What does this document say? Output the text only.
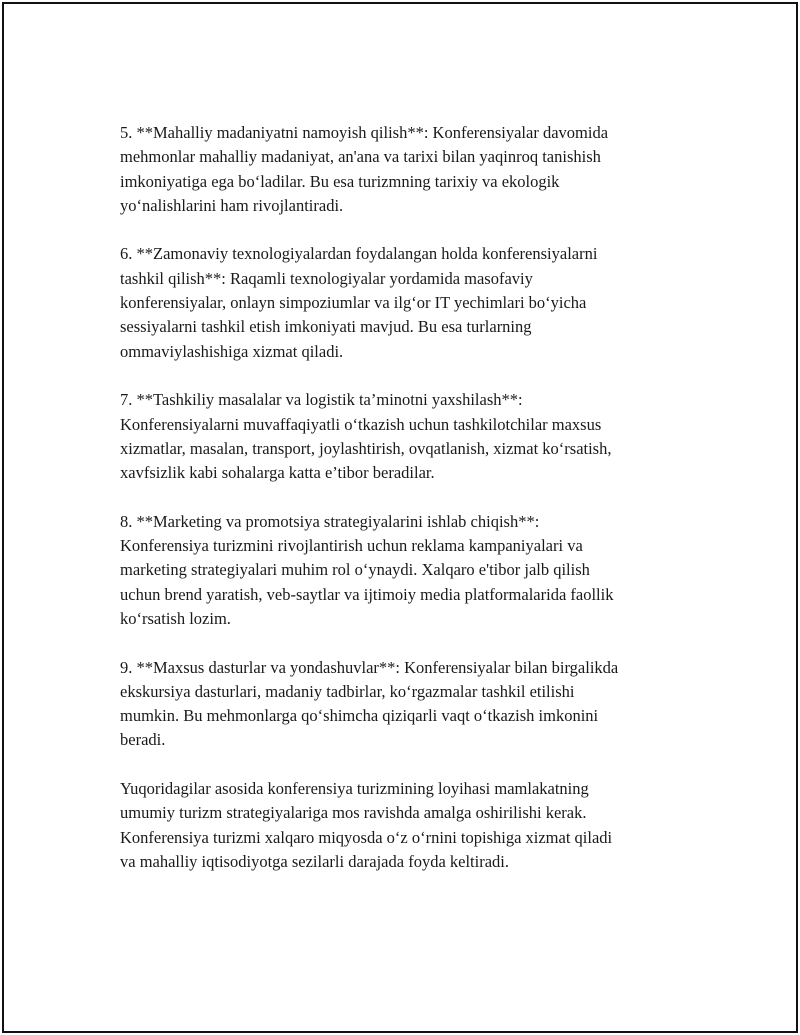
5. **Mahalliy madaniyatni namoyish qilish**: Konferensiyalar davomida
mehmonlar mahalliy madaniyat, an'ana va tarixi bilan yaqinroq tanishish
imkoniyatiga ega bo‘ladilar. Bu esa turizmning tarixiy va ekologik
yo‘nalishlarini ham rivojlantiradi.

6. **Zamonaviy texnologiyalardan foydalangan holda konferensiyalarni
tashkil qilish**: Raqamli texnologiyalar yordamida masofaviy
konferensiyalar, onlayn simpoziumlar va ilg‘or IT yechimlari bo‘yicha
sessiyalarni tashkil etish imkoniyati mavjud. Bu esa turlarning
ommaviylashishiga xizmat qiladi.

7. **Tashkiliy masalalar va logistik ta’minotni yaxshilash**:
Konferensiyalarni muvaffaqiyatli o‘tkazish uchun tashkilotchilar maxsus
xizmatlar, masalan, transport, joylashtirish, ovqatlanish, xizmat ko‘rsatish,
xavfsizlik kabi sohalarga katta e’tibor beradilar.

8. **Marketing va promotsiya strategiyalarini ishlab chiqish**:
Konferensiya turizmini rivojlantirish uchun reklama kampaniyalari va
marketing strategiyalari muhim rol o‘ynaydi. Xalqaro e'tibor jalb qilish
uchun brend yaratish, veb-saytlar va ijtimoiy media platformalarida faollik
ko‘rsatish lozim.

9. **Maxsus dasturlar va yondashuvlar**: Konferensiyalar bilan birgalikda
ekskursiya dasturlari, madaniy tadbirlar, ko‘rgazmalar tashkil etilishi
mumkin. Bu mehmonlarga qo‘shimcha qiziqarli vaqt o‘tkazish imkonini
beradi.

Yuqoridagilar asosida konferensiya turizmining loyihasi mamlakatning
umumiy turizm strategiyalariga mos ravishda amalga oshirilishi kerak.
Konferensiya turizmi xalqaro miqyosda o‘z o‘rnini topishiga xizmat qiladi
va mahalliy iqtisodiyotga sezilarli darajada foyda keltiradi.
